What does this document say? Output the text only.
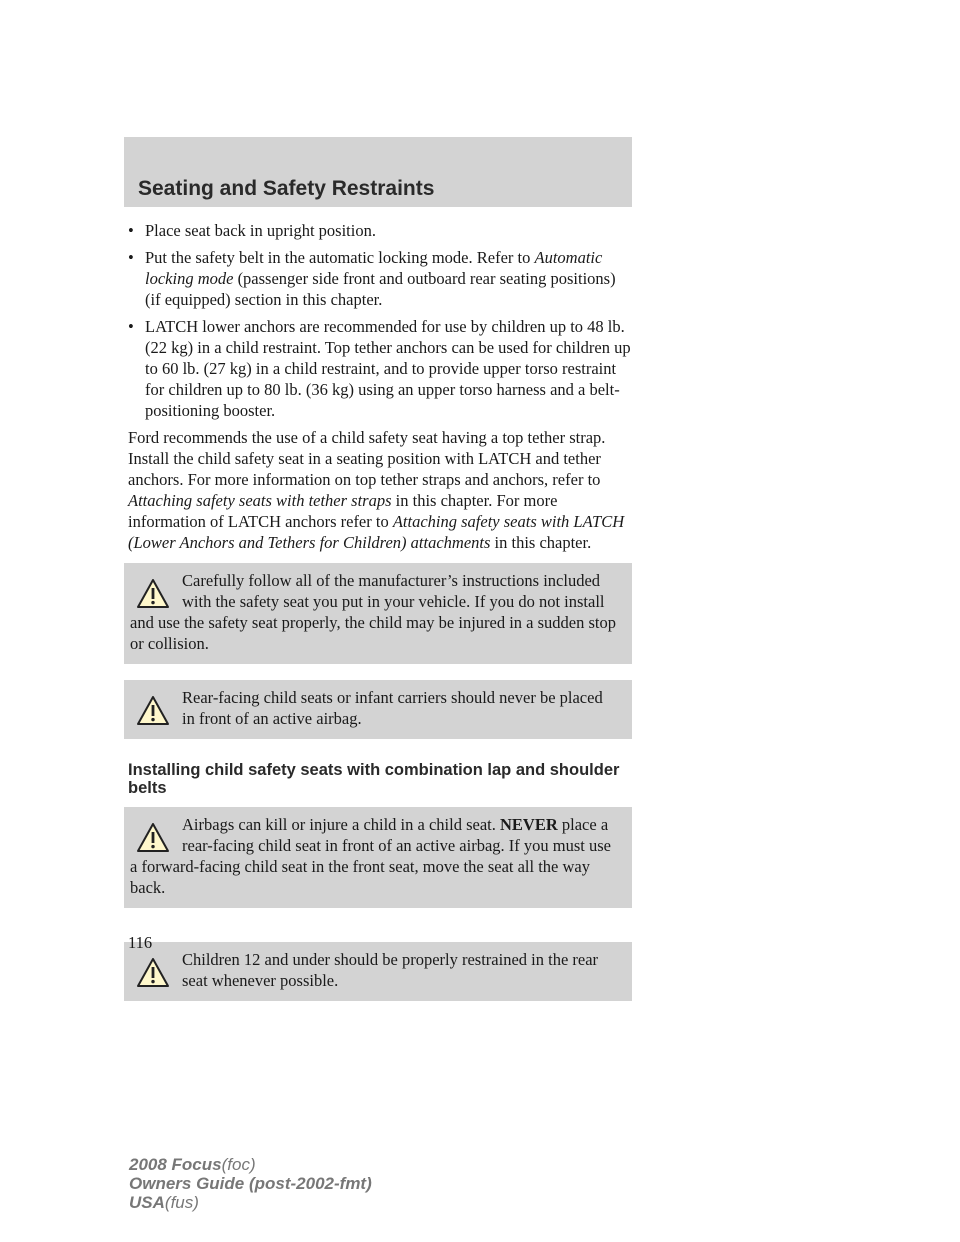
Seating and Safety Restraints
• Place seat back in upright position.
• Put the safety belt in the automatic locking mode. Refer to Automatic locking mode (passenger side front and outboard rear seating positions) (if equipped) section in this chapter.
• LATCH lower anchors are recommended for use by children up to 48 lb. (22 kg) in a child restraint. Top tether anchors can be used for children up to 60 lb. (27 kg) in a child restraint, and to provide upper torso restraint for children up to 80 lb. (36 kg) using an upper torso harness and a belt-positioning booster.

Ford recommends the use of a child safety seat having a top tether strap. Install the child safety seat in a seating position with LATCH and tether anchors. For more information on top tether straps and anchors, refer to Attaching safety seats with tether straps in this chapter. For more information of LATCH anchors refer to Attaching safety seats with LATCH (Lower Anchors and Tethers for Children) attachments in this chapter.

Carefully follow all of the manufacturer’s instructions included with the safety seat you put in your vehicle. If you do not install and use the safety seat properly, the child may be injured in a sudden stop or collision.

Rear-facing child seats or infant carriers should never be placed in front of an active airbag.

Installing child safety seats with combination lap and shoulder belts

Airbags can kill or injure a child in a child seat. NEVER place a rear-facing child seat in front of an active airbag. If you must use a forward-facing child seat in the front seat, move the seat all the way back.

Children 12 and under should be properly restrained in the rear seat whenever possible.

116
2008 Focus(foc)
Owners Guide (post-2002-fmt)
USA(fus)
